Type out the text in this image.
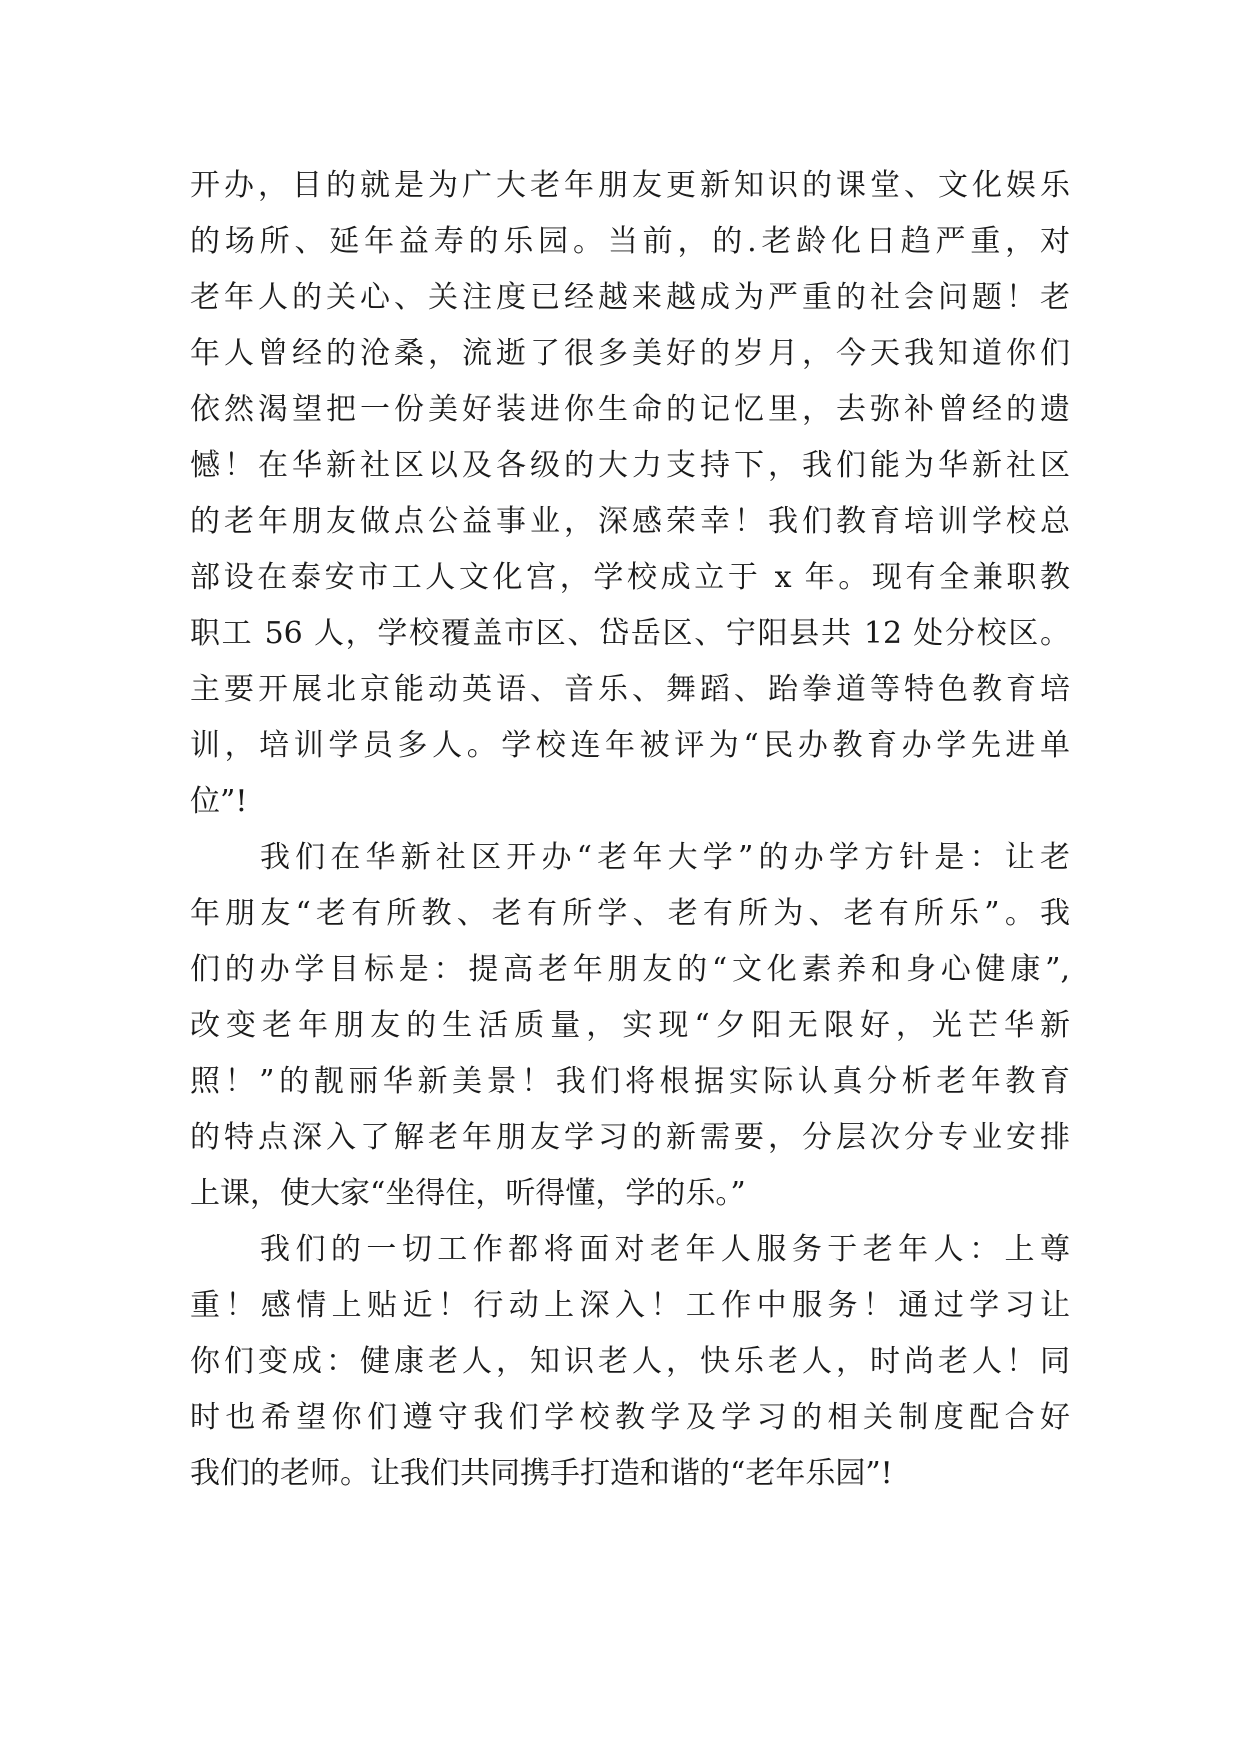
开办，目的就是为广大老年朋友更新知识的课堂、文化娱乐
的场所、延年益寿的乐园。当前，的.老龄化日趋严重，对
老年人的关心、关注度已经越来越成为严重的社会问题！老
年人曾经的沧桑，流逝了很多美好的岁月，今天我知道你们
依然渴望把一份美好装进你生命的记忆里，去弥补曾经的遗
憾！在华新社区以及各级的大力支持下，我们能为华新社区
的老年朋友做点公益事业，深感荣幸！我们教育培训学校总
部设在泰安市工人文化宫，学校成立于 x 年。现有全兼职教
职工 56 人，学校覆盖市区、岱岳区、宁阳县共 12 处分校区。
主要开展北京能动英语、音乐、舞蹈、跆拳道等特色教育培
训，培训学员多人。学校连年被评为“民办教育办学先进单
位”!
我们在华新社区开办“老年大学”的办学方针是：让老
年朋友“老有所教、老有所学、老有所为、老有所乐”。我
们的办学目标是：提高老年朋友的“文化素养和身心健康”,
改变老年朋友的生活质量，实现“夕阳无限好，光芒华新
照！”的靓丽华新美景！我们将根据实际认真分析老年教育
的特点深入了解老年朋友学习的新需要，分层次分专业安排
上课，使大家“坐得住，听得懂，学的乐。”
我们的一切工作都将面对老年人服务于老年人：上尊
重！感情上贴近！行动上深入！工作中服务！通过学习让
你们变成：健康老人，知识老人，快乐老人，时尚老人！同
时也希望你们遵守我们学校教学及学习的相关制度配合好
我们的老师。让我们共同携手打造和谐的“老年乐园”!
